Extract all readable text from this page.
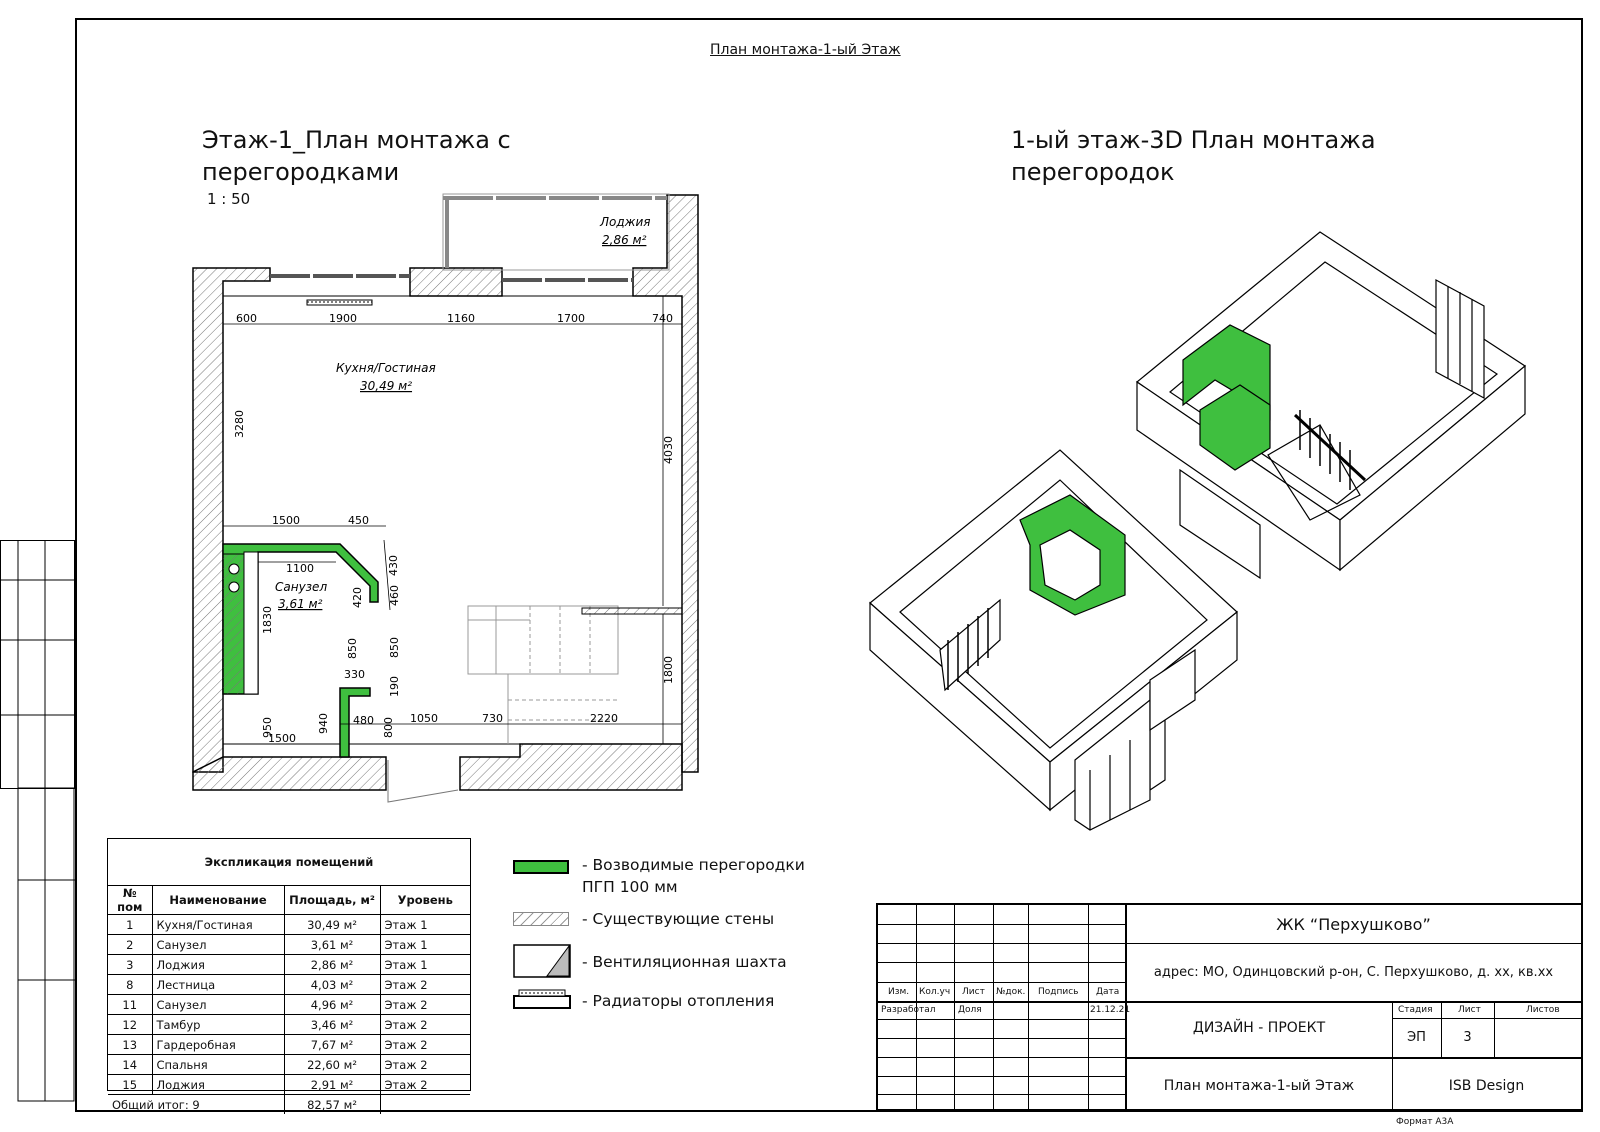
План монтажа-1-ый Этаж
Этаж-1_План монтажа с
перегородками
1 : 50
1-ый этаж-3D План монтажа
перегородок
600	1900	1160	1700	740
3280
4030
1500	450
1100	430
420 460
1830
850	850
330
190
950	940 480 800 1050	730	2220
1500
1800
Лоджия
2,86 м²
Кухня/Гостиная
30,49 м²
Санузел
3,61 м²
Экспликация помещений
№ пом	Наименование	Площадь, м²	Уровень
1	Кухня/Гостиная	30,49 м²	Этаж 1
2	Санузел	3,61 м²	Этаж 1
3	Лоджия	2,86 м²	Этаж 1
8	Лестница	4,03 м²	Этаж 2
11	Санузел	4,96 м²	Этаж 2
12	Тамбур	3,46 м²	Этаж 2
13	Гардеробная	7,67 м²	Этаж 2
14	Спальня	22,60 м²	Этаж 2
15	Лоджия	2,91 м²	Этаж 2
Общий итог: 9		82,57 м²	
- Возводимые перегородки
ПГП 100 мм
- Существующие стены
- Вентиляционная шахта
- Радиаторы отопления	Изм. Кол.уч Лист №док. Подпись Дата
Разработал Доля	21.12.21
ЖК “Перхушково”
адрес: МО, Одинцовский р-он, С. Перхушково, д. хх, кв.хх
ДИЗАЙН - ПРОЕКТ
Стадия	Лист	Листов
ЭП	3
План монтажа-1-ый Этаж	ISB Design
Формат А3А
